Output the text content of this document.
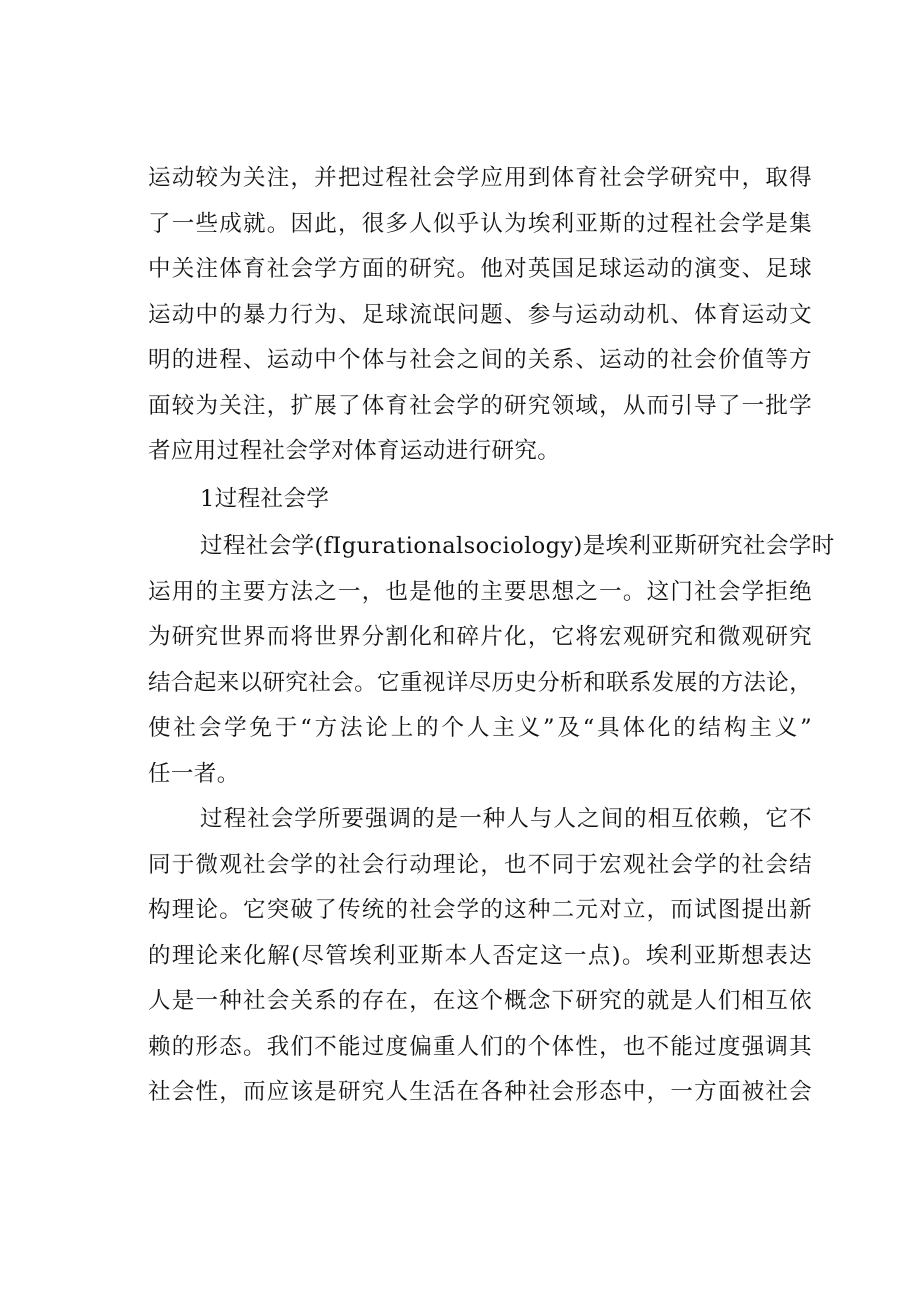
运动较为关注，并把过程社会学应用到体育社会学研究中，取得
了一些成就。因此，很多人似乎认为埃利亚斯的过程社会学是集
中关注体育社会学方面的研究。他对英国足球运动的演变、足球
运动中的暴力行为、足球流氓问题、参与运动动机、体育运动文
明的进程、运动中个体与社会之间的关系、运动的社会价值等方
面较为关注，扩展了体育社会学的研究领域，从而引导了一批学
者应用过程社会学对体育运动进行研究。
1过程社会学
过程社会学(fIgurationalsociology)是埃利亚斯研究社会学时
运用的主要方法之一，也是他的主要思想之一。这门社会学拒绝
为研究世界而将世界分割化和碎片化，它将宏观研究和微观研究
结合起来以研究社会。它重视详尽历史分析和联系发展的方法论，
使社会学免于“方法论上的个人主义”及“具体化的结构主义”
任一者。
过程社会学所要强调的是一种人与人之间的相互依赖，它不
同于微观社会学的社会行动理论，也不同于宏观社会学的社会结
构理论。它突破了传统的社会学的这种二元对立，而试图提出新
的理论来化解(尽管埃利亚斯本人否定这一点)。埃利亚斯想表达
人是一种社会关系的存在，在这个概念下研究的就是人们相互依
赖的形态。我们不能过度偏重人们的个体性，也不能过度强调其
社会性，而应该是研究人生活在各种社会形态中，一方面被社会
